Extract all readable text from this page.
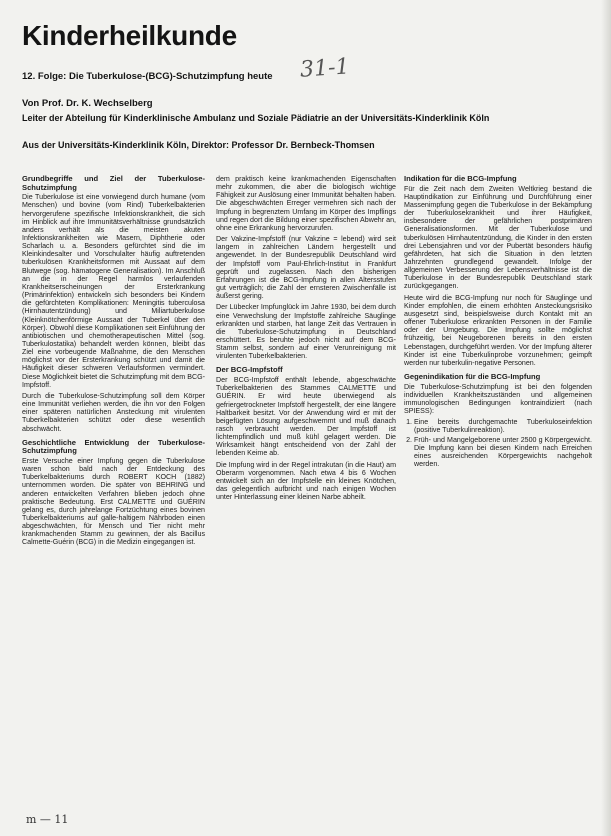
Kinderheilkunde
31-1
12. Folge: Die Tuberkulose-(BCG)-Schutzimpfung heute
Von Prof. Dr. K. Wechselberg
Leiter der Abteilung für Kinderklinische Ambulanz und Soziale Pädiatrie an der Universitäts-Kinderklinik Köln
Aus der Universitäts-Kinderklinik Köln, Direktor: Professor Dr. Bernbeck-Thomsen
Grundbegriffe und Ziel der Tuberkulose-Schutzimpfung

Die Tuberkulose ist eine vorwiegend durch humane (vom Menschen) und bovine (vom Rind) Tuberkelbakterien hervorgerufene spezifische Infektionskrankheit, die sich im Hinblick auf ihre Immunitätsverhältnisse grundsätzlich anders verhält als die meisten akuten Infektionskrankheiten wie Masern, Diphtherie oder Scharlach u. a. Besonders gefürchtet sind die im Kleinkindesalter und Vorschulalter häufig auftretenden tuberkulösen Krankheitsformen mit Aussaat auf dem Blutwege (sog. hämatogene Generalisation). Im Anschluß an die in der Regel harmlos verlaufenden Krankheitserscheinungen der Ersterkrankung (Primärinfektion) entwickeln sich besonders bei Kindern die gefürchteten Komplikationen: Meningitis tuberculosa (Hirnhautentzündung) und Miliartuberkulose (Kleinknötchenförmige Aussaat der Tuberkel über den Körper). Obwohl diese Komplikationen seit Einführung der antibiotischen und chemotherapeutischen Mittel (sog. Tuberkulostatika) behandelt werden können, bleibt das Ziel eine vorbeugende Maßnahme, die den Menschen möglichst vor der Ersterkrankung schützt und damit die Häufigkeit dieser schweren Verlaufsformen vermindert. Diese Möglichkeit bietet die Schutzimpfung mit dem BCG-Impfstoff.

Durch die Tuberkulose-Schutzimpfung soll dem Körper eine Immunität verliehen werden, die ihn vor den Folgen einer späteren natürlichen Ansteckung mit virulenten Tuberkelbakterien schützt oder diese wesentlich abschwächt.

Geschichtliche Entwicklung der Tuberkulose-Schutzimpfung

Erste Versuche einer Impfung gegen die Tuberkulose waren schon bald nach der Entdeckung des Tuberkelbakteriums durch ROBERT KOCH (1882) unternommen worden. Die später von BEHRING und anderen entwickelten Verfahren blieben jedoch ohne praktische Bedeutung. Erst CALMETTE und GUÉRIN gelang es, durch jahrelange Fortzüchtung eines bovinen Tuberkelbakteriums auf galle-haltigem Nährboden einen abgeschwächten, für Mensch und Tier nicht mehr krankmachenden Stamm zu gewinnen, der als Bacillus Calmette-Guérin (BCG) in die Medizin eingegangen ist.

dem praktisch keine krankmachenden Eigenschaften mehr zukommen, die aber die biologisch wichtige Fähigkeit zur Auslösung einer Immunität behalten haben. Die abgeschwächten Erreger vermehren sich nach der Impfung in begrenztem Umfang im Körper des Impflings und regen dort die Bildung einer spezifischen Abwehr an, ohne eine Erkrankung hervorzurufen.

Der Vakzine-Impfstoff (nur Vakzine = lebend) wird seit langem in zahlreichen Ländern hergestellt und angewendet. In der Bundesrepublik Deutschland wird der Impfstoff vom Paul-Ehrlich-Institut in Frankfurt geprüft und zugelassen. Nach den bisherigen Erfahrungen ist die BCG-Impfung in allen Altersstufen gut verträglich; die Zahl der ernsteren Zwischenfälle ist äußerst gering.

Der Lübecker Impfunglück im Jahre 1930, bei dem durch eine Verwechslung der Impfstoffe zahlreiche Säuglinge erkrankten und starben, hat lange Zeit das Vertrauen in die Tuberkulose-Schutzimpfung in Deutschland erschüttert. Es beruhte jedoch nicht auf dem BCG-Stamm selbst, sondern auf einer Verunreinigung mit virulenten Tuberkelbakterien.

Der BCG-Impfstoff

Der BCG-Impfstoff enthält lebende, abgeschwächte Tuberkelbakterien des Stammes CALMETTE und GUÉRIN. Er wird heute überwiegend als gefriergetrockneter Impfstoff hergestellt, der eine längere Haltbarkeit besitzt. Vor der Anwendung wird er mit der beigefügten Lösung aufgeschwemmt und muß danach rasch verbraucht werden. Der Impfstoff ist lichtempfindlich und muß kühl gelagert werden. Die Wirksamkeit hängt entscheidend von der Zahl der lebenden Keime ab.

Die Impfung wird in der Regel intrakutan (in die Haut) am Oberarm vorgenommen. Nach etwa 4 bis 6 Wochen entwickelt sich an der Impfstelle ein kleines Knötchen, das gelegentlich aufbricht und nach einigen Wochen unter Hinterlassung einer kleinen Narbe abheilt.

Indikation für die BCG-Impfung

Für die Zeit nach dem Zweiten Weltkrieg bestand die Hauptindikation zur Einführung und Durchführung einer Massenimpfung gegen die Tuberkulose in der Bekämpfung der Tuberkulosekrankheit und ihrer Häufigkeit, insbesondere der gefährlichen postprimären Generalisationsformen. Mit der Tuberkulose und tuberkulösen Hirnhautentzündung, die Kinder in den ersten drei Lebensjahren und vor der Pubertät besonders häufig gefährdeten, hat sich die Situation in den letzten Jahrzehnten grundlegend gewandelt. Infolge der allgemeinen Verbesserung der Lebensverhältnisse ist die Tuberkulose in der Bundesrepublik Deutschland stark zurückgegangen.

Heute wird die BCG-Impfung nur noch für Säuglinge und Kinder empfohlen, die einem erhöhten Ansteckungsrisiko ausgesetzt sind, beispielsweise durch Kontakt mit an offener Tuberkulose erkrankten Personen in der Familie oder der Umgebung. Die Impfung sollte möglichst frühzeitig, bei Neugeborenen bereits in den ersten Lebenstagen, durchgeführt werden. Vor der Impfung älterer Kinder ist eine Tuberkulinprobe vorzunehmen; geimpft werden nur tuberkulin-negative Personen.

Gegenindikation für die BCG-Impfung

Die Tuberkulose-Schutzimpfung ist bei den folgenden individuellen Krankheitszuständen und allgemeinen immunologischen Bedingungen kontraindiziert (nach SPIESS):

1. Eine bereits durchgemachte Tuberkuloseinfektion (positive Tuberkulinreaktion).
2. Früh- und Mangelgeborene unter 2500 g Körpergewicht. Die Impfung kann bei diesen Kindern nach Erreichen eines ausreichenden Körpergewichts nachgeholt werden.
m — 11
